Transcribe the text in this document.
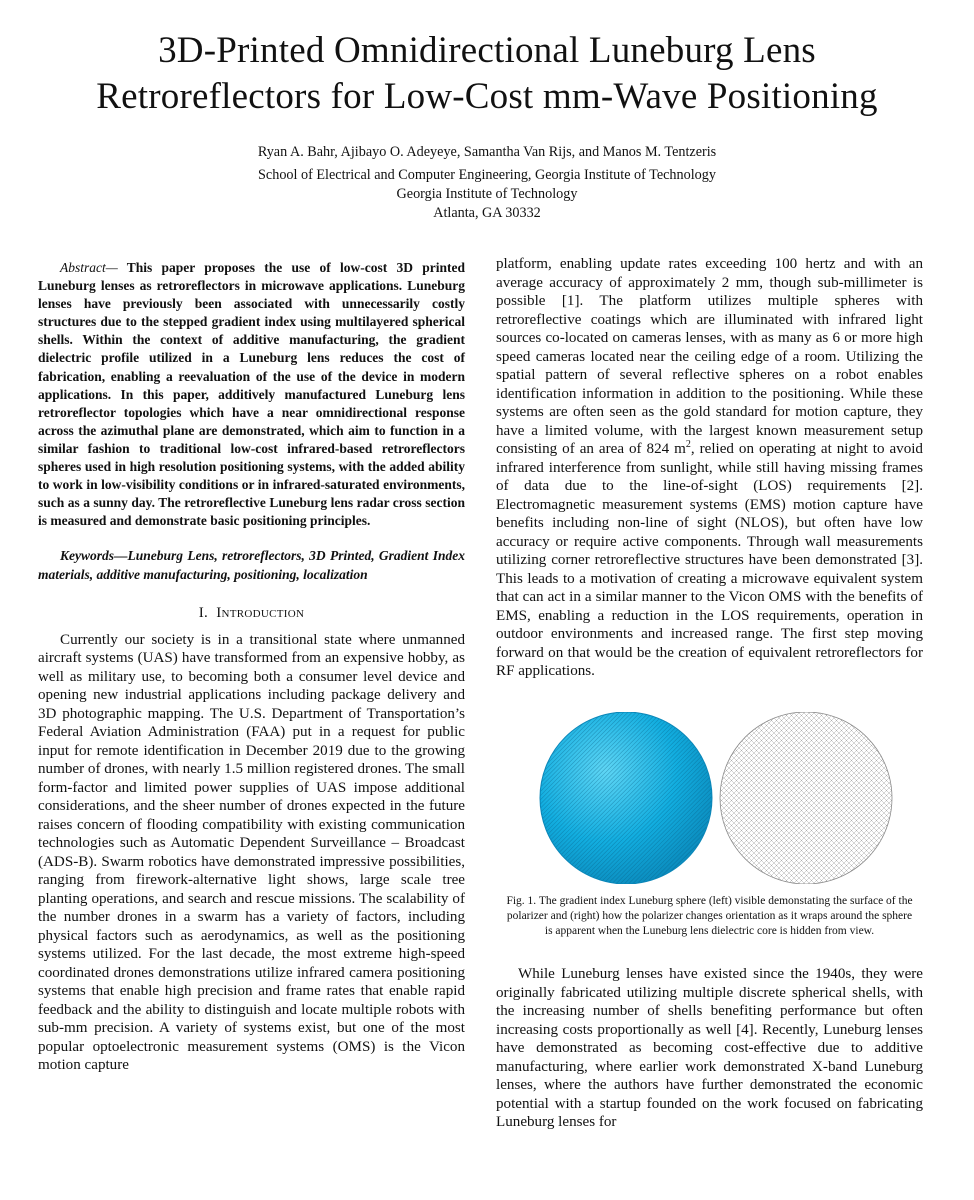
3D-Printed Omnidirectional Luneburg Lens
Retroreflectors for Low-Cost mm-Wave Positioning
Ryan A. Bahr, Ajibayo O. Adeyeye, Samantha Van Rijs, and Manos M. Tentzeris
School of Electrical and Computer Engineering, Georgia Institute of Technology
Georgia Institute of Technology
Atlanta, GA 30332

Abstract— This paper proposes the use of low-cost 3D printed Luneburg lenses as retroreflectors in microwave applications. Luneburg lenses have previously been associated with unnecessarily costly structures due to the stepped gradient index using multilayered spherical shells. Within the context of additive manufacturing, the gradient dielectric profile utilized in a Luneburg lens reduces the cost of fabrication, enabling a reevaluation of the use of the device in modern applications. In this paper, additively manufactured Luneburg lens retroreflector topologies which have a near omnidirectional response across the azimuthal plane are demonstrated, which aim to function in a similar fashion to traditional low-cost infrared-based retroreflectors spheres used in high resolution positioning systems, with the added ability to work in low-visibility conditions or in infrared-saturated environments, such as a sunny day. The retroreflective Luneburg lens radar cross section is measured and demonstrate basic positioning principles.

Keywords—Luneburg Lens, retroreflectors, 3D Printed, Gradient Index materials, additive manufacturing, positioning, localization

I. Introduction

Currently our society is in a transitional state where unmanned aircraft systems (UAS) have transformed from an expensive hobby, as well as military use, to becoming both a consumer level device and opening new industrial applications including package delivery and 3D photographic mapping. The U.S. Department of Transportation’s Federal Aviation Administration (FAA) put in a request for public input for remote identification in December 2019 due to the growing number of drones, with nearly 1.5 million registered drones. The small form-factor and limited power supplies of UAS impose additional considerations, and the sheer number of drones expected in the future raises concern of flooding compatibility with existing communication technologies such as Automatic Dependent Surveillance – Broadcast (ADS-B). Swarm robotics have demonstrated impressive possibilities, ranging from firework-alternative light shows, large scale tree planting operations, and search and rescue missions. The scalability of the number drones in a swarm has a variety of factors, including physical factors such as aerodynamics, as well as the positioning systems utilized. For the last decade, the most extreme high-speed coordinated drones demonstrations utilize infrared camera positioning systems that enable high precision and frame rates that enable rapid feedback and the ability to distinguish and locate multiple robots with sub-mm precision. A variety of systems exist, but one of the most popular optoelectronic measurement systems (OMS) is the Vicon motion capture

platform, enabling update rates exceeding 100 hertz and with an average accuracy of approximately 2 mm, though sub-millimeter is possible [1]. The platform utilizes multiple spheres with retroreflective coatings which are illuminated with infrared light sources co-located on cameras lenses, with as many as 6 or more high speed cameras located near the ceiling edge of a room. Utilizing the spatial pattern of several reflective spheres on a robot enables identification information in addition to the positioning. While these systems are often seen as the gold standard for motion capture, they have a limited volume, with the largest known measurement setup consisting of an area of 824 $m^2$, relied on operating at night to avoid infrared interference from sunlight, while still having missing frames of data due to the line-of-sight (LOS) requirements [2]. Electromagnetic measurement systems (EMS) motion capture have benefits including non-line of sight (NLOS), but often have low accuracy or require active components. Through wall measurements utilizing corner retroreflective structures have been demonstrated [3]. This leads to a motivation of creating a microwave equivalent system that can act in a similar manner to the Vicon OMS with the benefits of EMS, enabling a reduction in the LOS requirements, operation in outdoor environments and increased range. The first step moving forward on that would be the creation of equivalent retroreflectors for RF applications.

Fig. 1. The gradient index Luneburg sphere (left) visible demonstating the surface of the polarizer and (right) how the polarizer changes orientation as it wraps around the sphere is apparent when the Luneburg lens dielectric core is hidden from view.

While Luneburg lenses have existed since the 1940s, they were originally fabricated utilizing multiple discrete spherical shells, with the increasing number of shells benefiting performance but often increasing costs proportionally as well [4]. Recently, Luneburg lenses have demonstrated as becoming cost-effective due to additive manufacturing, where earlier work demonstrated X-band Luneburg lenses, where the authors have further demonstrated the economic potential with a startup founded on the work focused on fabricating Luneburg lenses for
